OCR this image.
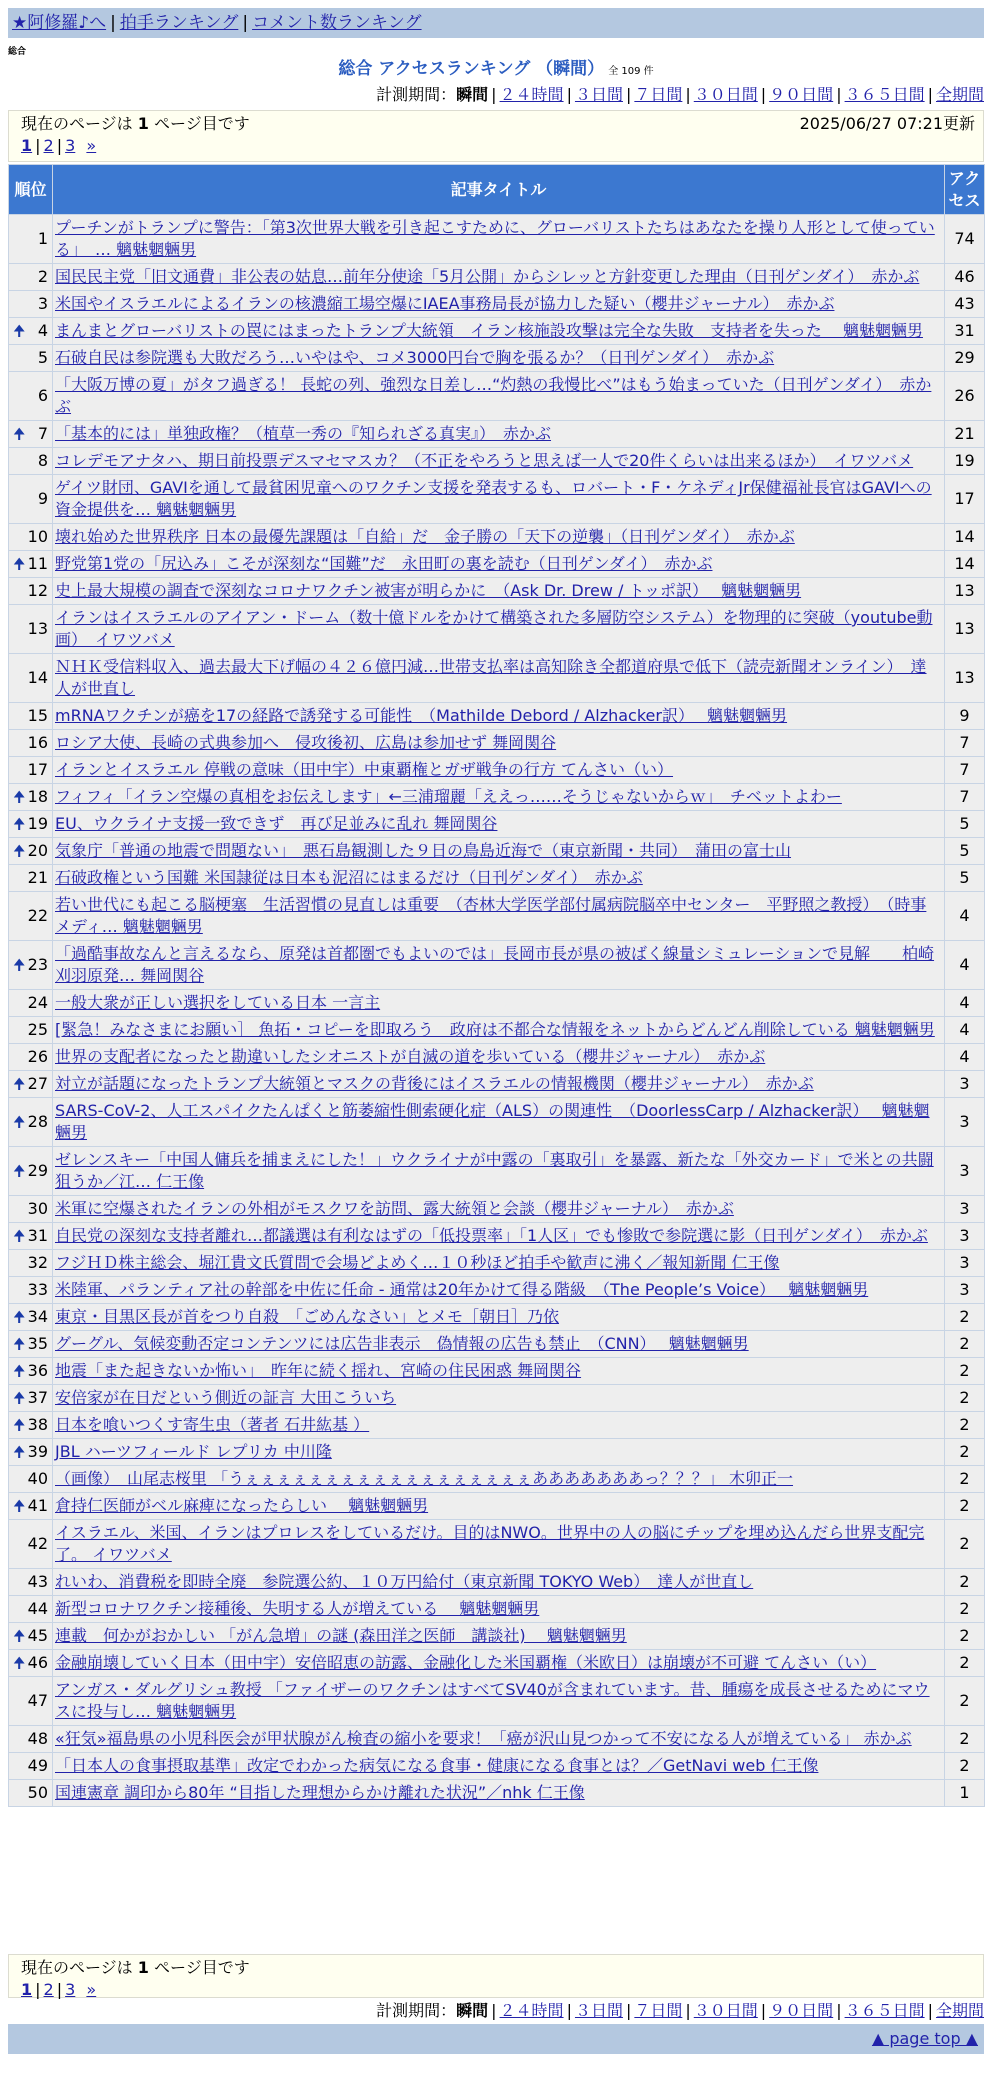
★阿修羅♪へ | 拍手ランキング | コメント数ランキング
総合
総合 アクセスランキング （瞬間） 全 109 件
計測期間：瞬間 | ２４時間 | ３日間 | ７日間 | ３０日間 | ９０日間 | ３６５日間 | 全期間
現在のページは 1 ページ目です	2025/06/27 07:21更新
1 | 2 | 3 »
順位	記事タイトル	アクセス
1	プーチンがトランプに警告：「第3次世界大戦を引き起こすために、グローバリストたちはあなたを操り人形として使っている」　… 魑魅魍魎男	74
2	国民民主党「旧文通費」非公表の姑息…前年分使途「5月公開」からシレッと方針変更した理由（日刊ゲンダイ）　赤かぶ	46
3	米国やイスラエルによるイランの核濃縮工場空爆にIAEA事務局長が協力した疑い（櫻井ジャーナル）　赤かぶ	43

🠉 4	まんまとグローバリストの罠にはまったトランプ大統領　イラン核施設攻撃は完全な失敗　支持者を失った　 魑魅魍魎男	31
5	石破自民は参院選も大敗だろう…いやはや、コメ3000円台で胸を張るか？（日刊ゲンダイ）　赤かぶ	29
6	「大阪万博の夏」がタフ過ぎる！ 長蛇の列、強烈な日差し…“灼熱の我慢比べ”はもう始まっていた（日刊ゲンダイ）　赤かぶ	26

🠉 7	「基本的には」単独政権？（植草一秀の『知られざる真実』）　赤かぶ	21
8	コレデモアナタハ、期日前投票デスマセマスカ？（不正をやろうと思えば一人で20件くらいは出来るほか）　イワツバメ	19
9	ゲイツ財団、GAVIを通して最貧困児童へのワクチン支援を発表するも、ロバート・F・ケネディJr保健福祉長官はGAVIへの資金提供を… 魑魅魍魎男	17
10	壊れ始めた世界秩序 日本の最優先課題は「自給」だ　金子勝の「天下の逆襲」（日刊ゲンダイ）　赤かぶ	14

🠉 11	野党第1党の「尻込み」こそが深刻な“国難”だ　永田町の裏を読む（日刊ゲンダイ）　赤かぶ	14
12	史上最大規模の調査で深刻なコロナワクチン被害が明らかに　（Ask Dr. Drew / トッポ訳）　 魑魅魍魎男	13
13	イランはイスラエルのアイアン・ドーム（数十億ドルをかけて構築された多層防空システム）を物理的に突破（youtube動画）　イワツバメ	13
14	ＮＨＫ受信料収入、過去最大下げ幅の４２６億円減…世帯支払率は高知除き全都道府県で低下（読売新聞オンライン）　達人が世直し	13
15	mRNAワクチンが癌を17の経路で誘発する可能性　（Mathilde Debord / Alzhacker訳）　 魑魅魍魎男	9
16	ロシア大使、長崎の式典参加へ　侵攻後初、広島は参加せず 舞岡関谷	7
17	イランとイスラエル 停戦の意味（田中宇）中東覇権とガザ戦争の行方 てんさい（い）	7

🠉 18	フィフィ「イラン空爆の真相をお伝えします」←三浦瑠麗「ええっ……そうじゃないからｗ」　チベットよわー	7

🠉 19	EU、ウクライナ支援一致できず　再び足並みに乱れ 舞岡関谷	5

🠉 20	気象庁「普通の地震で問題ない」　悪石島観測した９日の鳥島近海で（東京新聞・共同）　蒲田の富士山	5
21	石破政権という国難 米国隷従は日本も泥沼にはまるだけ（日刊ゲンダイ）　赤かぶ	5
22	若い世代にも起こる脳梗塞　生活習慣の見直しは重要　（杏林大学医学部付属病院脳卒中センター　平野照之教授）　（時事メディ… 魑魅魍魎男	4

🠉 23	「過酷事故なんと言えるなら、原発は首都圏でもよいのでは」長岡市長が県の被ばく線量シミュレーションで見解　　柏崎刈羽原発… 舞岡関谷	4
24	一般大衆が正しい選択をしている日本 一言主	4
25	[緊急！みなさまにお願い］ 魚拓・コピーを即取ろう　政府は不都合な情報をネットからどんどん削除している 魑魅魍魎男	4
26	世界の支配者になったと勘違いしたシオニストが自滅の道を歩いている（櫻井ジャーナル）　赤かぶ	4

🠉 27	対立が話題になったトランプ大統領とマスクの背後にはイスラエルの情報機関（櫻井ジャーナル）　赤かぶ	3

🠉 28	SARS-CoV-2、人工スパイクたんぱくと筋萎縮性側索硬化症（ALS）の関連性　（DoorlessCarp / Alzhacker訳）　 魑魅魍魎男	3

🠉 29	ゼレンスキー「中国人傭兵を捕まえにした！」ウクライナが中露の「裏取引」を暴露、新たな「外交カード」で米との共闘狙うか／江… 仁王像	3
30	米軍に空爆されたイランの外相がモスクワを訪問、露大統領と会談（櫻井ジャーナル）　赤かぶ	3

🠉 31	自民党の深刻な支持者離れ…都議選は有利なはずの「低投票率」「1人区」でも惨敗で参院選に影（日刊ゲンダイ）　赤かぶ	3
32	フジＨＤ株主総会、堀江貴文氏質問で会場どよめく…１０秒ほど拍手や歓声に沸く／報知新聞 仁王像	3
33	米陸軍、パランティア社の幹部を中佐に任命 - 通常は20年かけて得る階級　（The People’s Voice）　 魑魅魍魎男	3

🠉 34	東京・目黒区長が首をつり自殺　「ごめんなさい」とメモ［朝日］乃依	2

🠉 35	グーグル、気候変動否定コンテンツには広告非表示　偽情報の広告も禁止　（CNN）　 魑魅魍魎男	2

🠉 36	地震「また起きないか怖い」　昨年に続く揺れ、宮崎の住民困惑 舞岡関谷	2

🠉 37	安倍家が在日だという側近の証言 大田こういち	2

🠉 38	日本を喰いつくす寄生虫（著者 石井紘基 ）	2

🠉 39	JBL ハーツフィールド レプリカ 中川隆	2
40	（画像）　山尾志桜里 「うぇぇぇぇぇぇぇぇぇぇぇぇぇぇぇぇぇぇあああああああっ？？？」 木卯正一	2

🠉 41	倉持仁医師がベル麻痺になったらしい　 魑魅魍魎男	2
42	イスラエル、米国、イランはプロレスをしているだけ。目的はNWO。世界中の人の脳にチップを埋め込んだら世界支配完了。 イワツバメ	2
43	れいわ、消費税を即時全廃　参院選公約、１０万円給付（東京新聞 TOKYO Web）　達人が世直し	2
44	新型コロナワクチン接種後、失明する人が増えている　 魑魅魍魎男	2

🠉 45	連載　何かがおかしい 「がん急増」の謎 (森田洋之医師　講談社)　 魑魅魍魎男	2

🠉 46	金融崩壊していく日本（田中宇）安倍昭恵の訪露、金融化した米国覇権（米欧日）は崩壊が不可避 てんさい（い）	2
47	アンガス・ダルグリシュ教授 「ファイザーのワクチンはすべてSV40が含まれています。昔、腫瘍を成長させるためにマウスに投与し… 魑魅魍魎男	2
48	«狂気»福島県の小児科医会が甲状腺がん検査の縮小を要求！「癌が沢山見つかって不安になる人が増えている」 赤かぶ	2
49	「日本人の食事摂取基準」改定でわかった病気になる食事・健康になる食事とは？／GetNavi web 仁王像	2
50	国連憲章 調印から80年 “目指した理想からかけ離れた状況”／nhk 仁王像	1
現在のページは 1 ページ目です
1 | 2 | 3 »
計測期間：瞬間 | ２４時間 | ３日間 | ７日間 | ３０日間 | ９０日間 | ３６５日間 | 全期間
▲ page top ▲
